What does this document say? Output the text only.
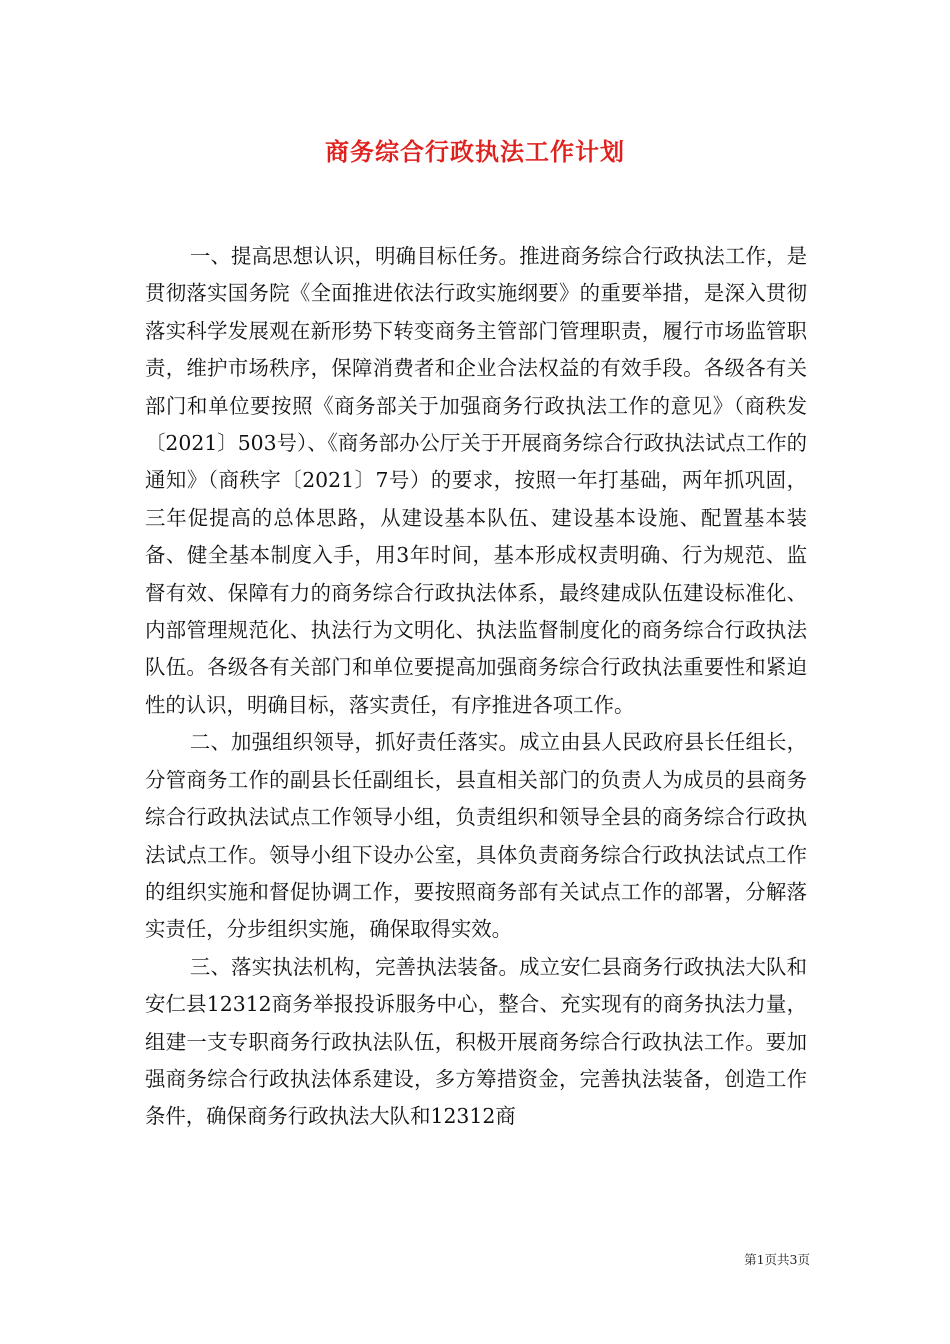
商务综合行政执法工作计划

一、提高思想认识，明确目标任务。推进商务综合行政执法工作，是贯彻落实国务院《全面推进依法行政实施纲要》的重要举措，是深入贯彻落实科学发展观在新形势下转变商务主管部门管理职责，履行市场监管职责，维护市场秩序，保障消费者和企业合法权益的有效手段。各级各有关部门和单位要按照《商务部关于加强商务行政执法工作的意见》（商秩发〔2021〕503号）、《商务部办公厅关于开展商务综合行政执法试点工作的通知》（商秩字〔2021〕7号）的要求，按照一年打基础，两年抓巩固，三年促提高的总体思路，从建设基本队伍、建设基本设施、配置基本装备、健全基本制度入手，用3年时间，基本形成权责明确、行为规范、监督有效、保障有力的商务综合行政执法体系，最终建成队伍建设标准化、内部管理规范化、执法行为文明化、执法监督制度化的商务综合行政执法队伍。各级各有关部门和单位要提高加强商务综合行政执法重要性和紧迫性的认识，明确目标，落实责任，有序推进各项工作。

二、加强组织领导，抓好责任落实。成立由县人民政府县长任组长，分管商务工作的副县长任副组长，县直相关部门的负责人为成员的县商务综合行政执法试点工作领导小组，负责组织和领导全县的商务综合行政执法试点工作。领导小组下设办公室，具体负责商务综合行政执法试点工作的组织实施和督促协调工作，要按照商务部有关试点工作的部署，分解落实责任，分步组织实施，确保取得实效。

三、落实执法机构，完善执法装备。成立安仁县商务行政执法大队和安仁县12312商务举报投诉服务中心，整合、充实现有的商务执法力量，组建一支专职商务行政执法队伍，积极开展商务综合行政执法工作。要加强商务综合行政执法体系建设，多方筹措资金，完善执法装备，创造工作条件，确保商务行政执法大队和12312商

第1页共3页
